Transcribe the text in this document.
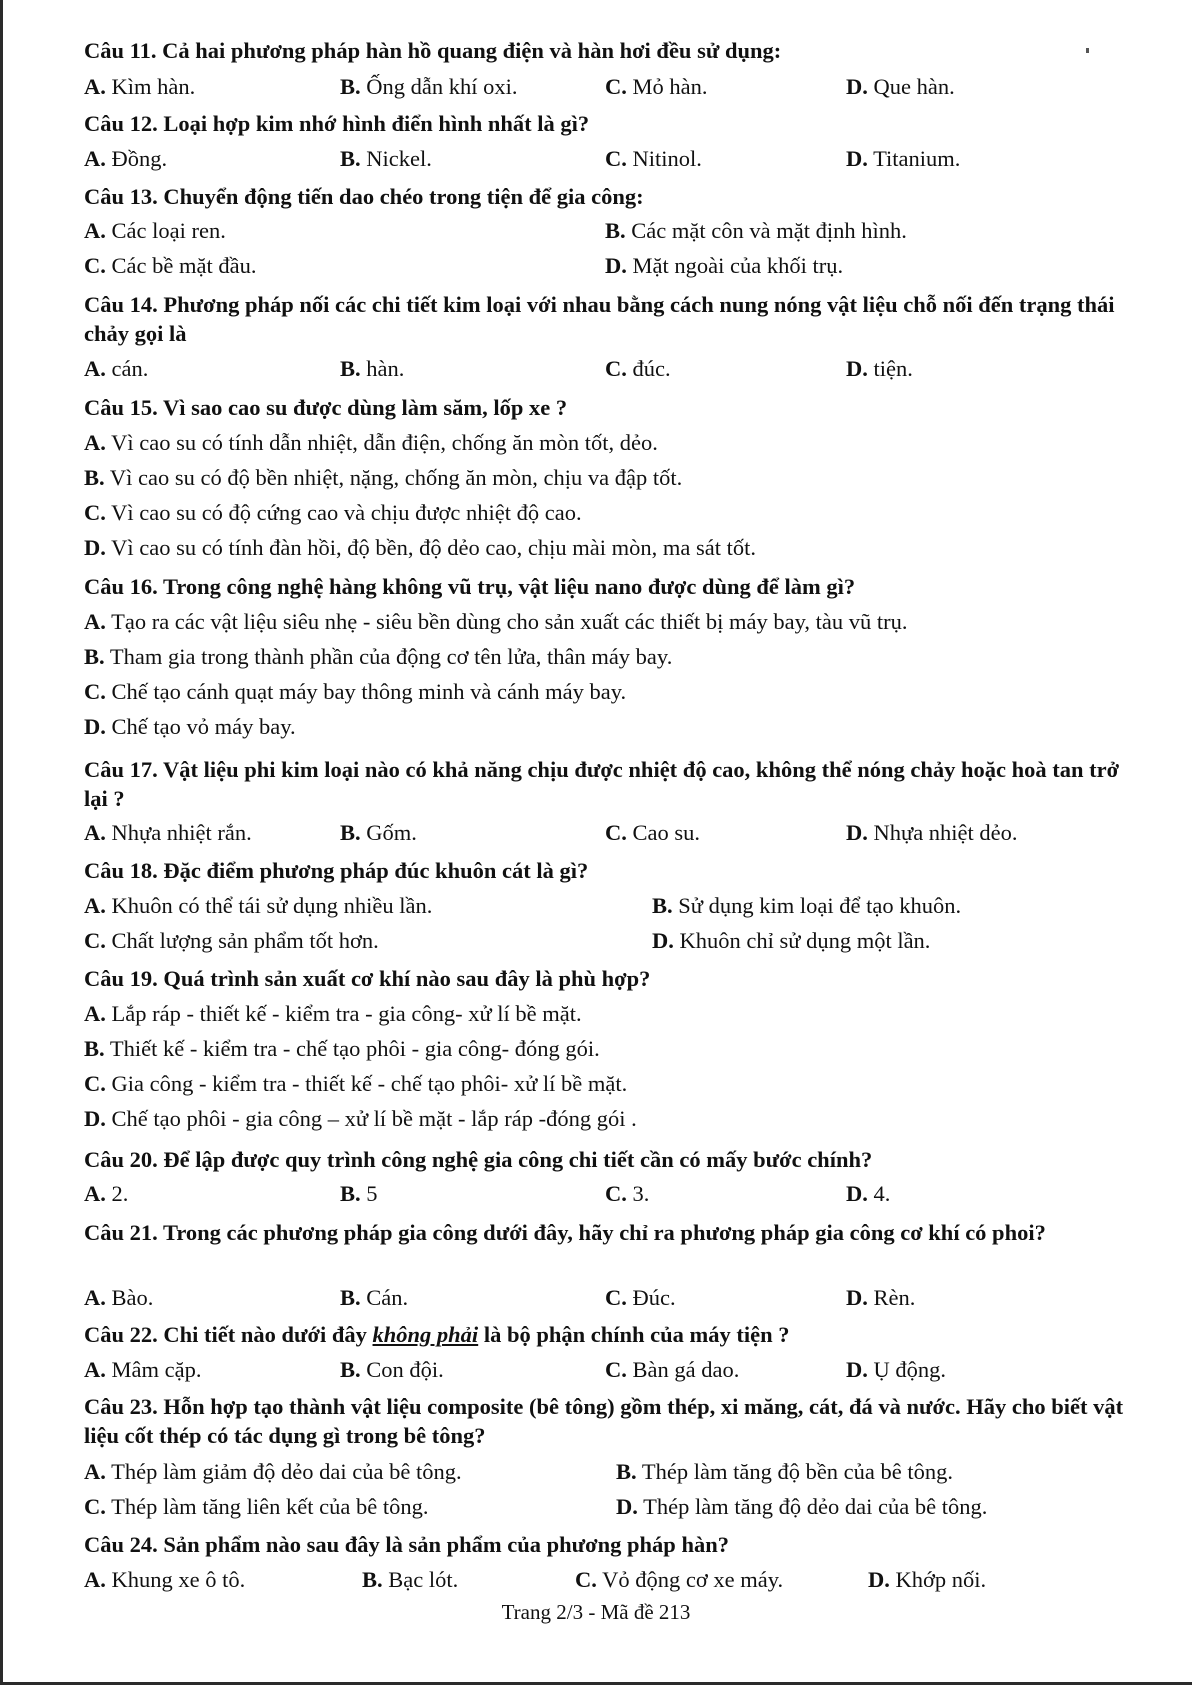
Câu 11. Cả hai phương pháp hàn hồ quang điện và hàn hơi đều sử dụng:
A. Kìm hàn.	B. Ống dẫn khí oxi.	C. Mỏ hàn.	D. Que hàn.
Câu 12. Loại hợp kim nhớ hình điển hình nhất là gì?
A. Đồng.	B. Nickel.	C. Nitinol.	D. Titanium.
Câu 13. Chuyển động tiến dao chéo trong tiện để gia công:
A. Các loại ren.	B. Các mặt côn và mặt định hình.
C. Các bề mặt đầu.	D. Mặt ngoài của khối trụ.
Câu 14. Phương pháp nối các chi tiết kim loại với nhau bằng cách nung nóng vật liệu chỗ nối đến trạng thái chảy gọi là
A. cán.	B. hàn.	C. đúc.	D. tiện.
Câu 15. Vì sao cao su được dùng làm săm, lốp xe ?
A. Vì cao su có tính dẫn nhiệt, dẫn điện, chống ăn mòn tốt, dẻo.
B. Vì cao su có độ bền nhiệt, nặng, chống ăn mòn, chịu va đập tốt.
C. Vì cao su có độ cứng cao và chịu được nhiệt độ cao.
D. Vì cao su có tính đàn hồi, độ bền, độ dẻo cao, chịu mài mòn, ma sát tốt.
Câu 16. Trong công nghệ hàng không vũ trụ, vật liệu nano được dùng để làm gì?
A. Tạo ra các vật liệu siêu nhẹ - siêu bền dùng cho sản xuất các thiết bị máy bay, tàu vũ trụ.
B. Tham gia trong thành phần của động cơ tên lửa, thân máy bay.
C. Chế tạo cánh quạt máy bay thông minh và cánh máy bay.
D. Chế tạo vỏ máy bay.
Câu 17. Vật liệu phi kim loại nào có khả năng chịu được nhiệt độ cao, không thể nóng chảy hoặc hoà tan trở lại ?
A. Nhựa nhiệt rắn.	B. Gốm.	C. Cao su.	D. Nhựa nhiệt dẻo.
Câu 18. Đặc điểm phương pháp đúc khuôn cát là gì?
A. Khuôn có thể tái sử dụng nhiều lần.	B. Sử dụng kim loại để tạo khuôn.
C. Chất lượng sản phẩm tốt hơn.	D. Khuôn chỉ sử dụng một lần.
Câu 19. Quá trình sản xuất cơ khí nào sau đây là phù hợp?
A. Lắp ráp - thiết kế - kiểm tra - gia công- xử lí bề mặt.
B. Thiết kế - kiểm tra - chế tạo phôi - gia công- đóng gói.
C. Gia công - kiểm tra - thiết kế - chế tạo phôi- xử lí bề mặt.
D. Chế tạo phôi - gia công – xử lí bề mặt - lắp ráp -đóng gói .
Câu 20. Để lập được quy trình công nghệ gia công chi tiết cần có mấy bước chính?
A. 2.	B. 5	C. 3.	D. 4.
Câu 21. Trong các phương pháp gia công dưới đây, hãy chỉ ra phương pháp gia công cơ khí có phoi?
A. Bào.	B. Cán.	C. Đúc.	D. Rèn.
Câu 22. Chi tiết nào dưới đây không phải là bộ phận chính của máy tiện ?
A. Mâm cặp.	B. Con đội.	C. Bàn gá dao.	D. Ụ động.
Câu 23. Hỗn hợp tạo thành vật liệu composite (bê tông) gồm thép, xi măng, cát, đá và nước. Hãy cho biết vật liệu cốt thép có tác dụng gì trong bê tông?
A. Thép làm giảm độ dẻo dai của bê tông.	B. Thép làm tăng độ bền của bê tông.
C. Thép làm tăng liên kết của bê tông.	D. Thép làm tăng độ dẻo dai của bê tông.
Câu 24. Sản phẩm nào sau đây là sản phẩm của phương pháp hàn?
A. Khung xe ô tô.	B. Bạc lót.	C. Vỏ động cơ xe máy.	D. Khớp nối.
Trang 2/3 - Mã đề 213
